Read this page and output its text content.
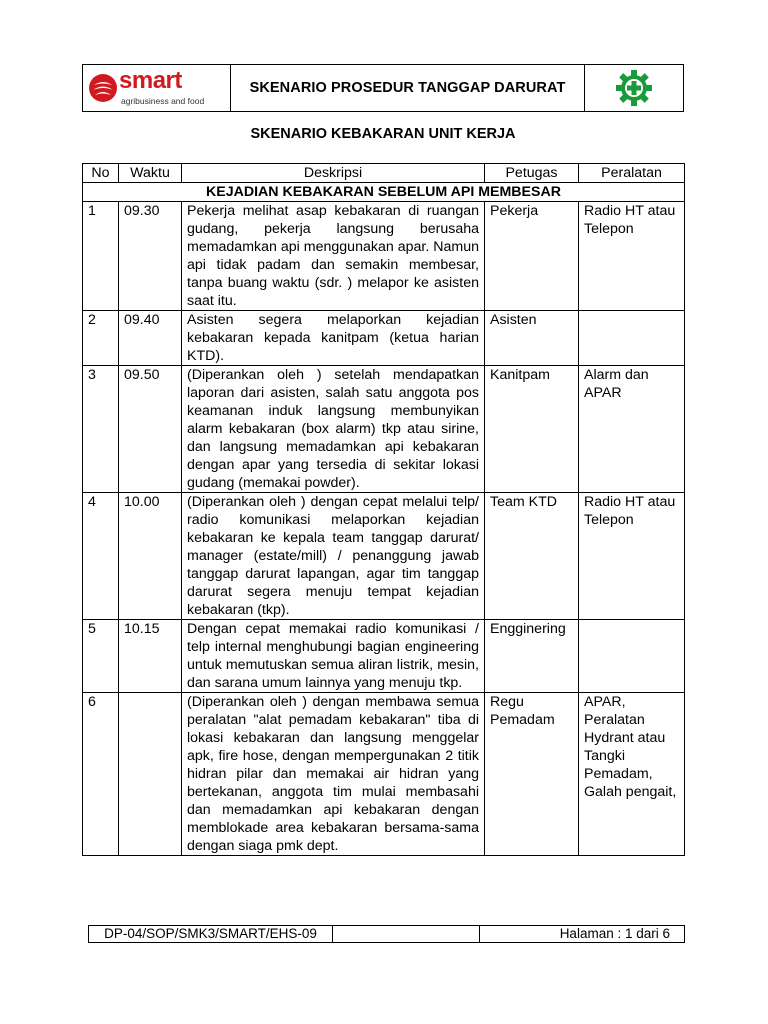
smart
agribusiness and food
SKENARIO PROSEDUR TANGGAP DARURAT
SKENARIO KEBAKARAN UNIT KERJA
No	Waktu	Deskripsi	Petugas	Peralatan
KEJADIAN KEBAKARAN SEBELUM API MEMBESAR				
1	09.30	Pekerja melihat asap kebakaran di ruangan gudang, pekerja langsung berusaha memadamkan api menggunakan apar. Namun api tidak padam dan semakin membesar, tanpa buang waktu (sdr. ) melapor ke asisten saat itu.	Pekerja	Radio HT atau Telepon
2	09.40	Asisten segera melaporkan kejadian kebakaran kepada kanitpam (ketua harian KTD).	Asisten	
3	09.50	(Diperankan oleh ) setelah mendapatkan laporan dari asisten, salah satu anggota pos keamanan induk langsung membunyikan alarm kebakaran (box alarm) tkp atau sirine, dan langsung memadamkan api kebakaran dengan apar yang tersedia di sekitar lokasi gudang (memakai powder).	Kanitpam	Alarm dan APAR
4	10.00	(Diperankan oleh ) dengan cepat melalui telp/ radio komunikasi melaporkan kejadian kebakaran ke kepala team tanggap darurat/ manager (estate/mill) / penanggung jawab tanggap darurat lapangan, agar tim tanggap darurat segera menuju tempat kejadian kebakaran (tkp).	Team KTD	Radio HT atau Telepon
5	10.15	Dengan cepat memakai radio komunikasi / telp internal menghubungi bagian engineering untuk memutuskan semua aliran listrik, mesin, dan sarana umum lainnya yang menuju tkp.	Engginering	
6		(Diperankan oleh ) dengan membawa semua peralatan "alat pemadam kebakaran" tiba di lokasi kebakaran dan langsung menggelar apk, fire hose, dengan mempergunakan 2 titik hidran pilar dan memakai air hidran yang bertekanan, anggota tim mulai membasahi dan memadamkan api kebakaran dengan memblokade area kebakaran bersama-sama dengan siaga pmk dept.	Regu Pemadam	APAR, Peralatan Hydrant atau Tangki Pemadam, Galah pengait,
DP-04/SOP/SMK3/SMART/EHS-09		Halaman : 1 dari 6
